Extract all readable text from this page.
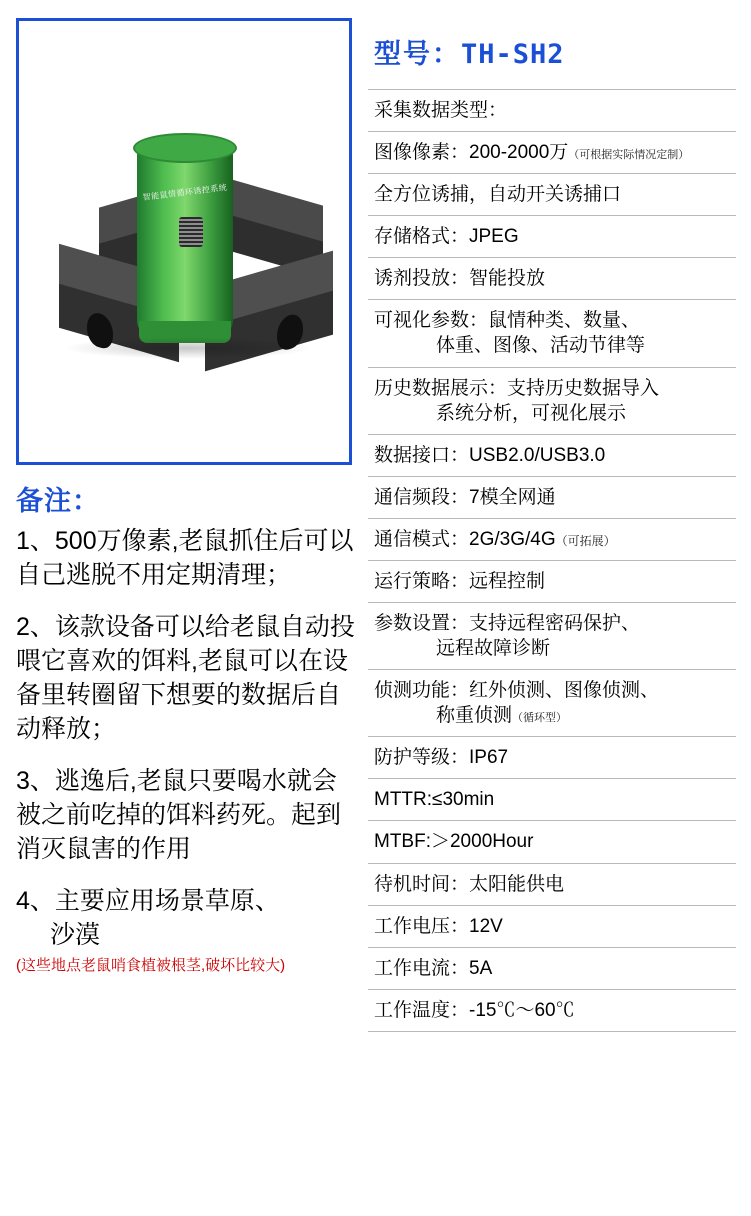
智能鼠情循环诱控系统
备注：
1、500万像素,老鼠抓住后可以自己逃脱不用定期清理；
2、该款设备可以给老鼠自动投喂它喜欢的饵料,老鼠可以在设备里转圈留下想要的数据后自动释放；
3、逃逸后,老鼠只要喝水就会被之前吃掉的饵料药死。起到消灭鼠害的作用
4、主要应用场景草原、
沙漠
(这些地点老鼠哨食植被根茎,破坏比较大)
型号：TH-SH2
采集数据类型：
图像像素：200-2000万（可根据实际情况定制）
全方位诱捕，自动开关诱捕口
存储格式：JPEG
诱剂投放：智能投放
可视化参数：鼠情种类、数量、
体重、图像、活动节律等
历史数据展示：支持历史数据导入
系统分析，可视化展示
数据接口：USB2.0/USB3.0
通信频段：7模全网通
通信模式：2G/3G/4G（可拓展）
运行策略：远程控制
参数设置：支持远程密码保护、
远程故障诊断
侦测功能：红外侦测、图像侦测、
称重侦测（循环型）
防护等级：IP67
MTTR:≤30min
MTBF:＞2000Hour
待机时间：太阳能供电
工作电压：12V
工作电流：5A
工作温度：-15℃～60℃
